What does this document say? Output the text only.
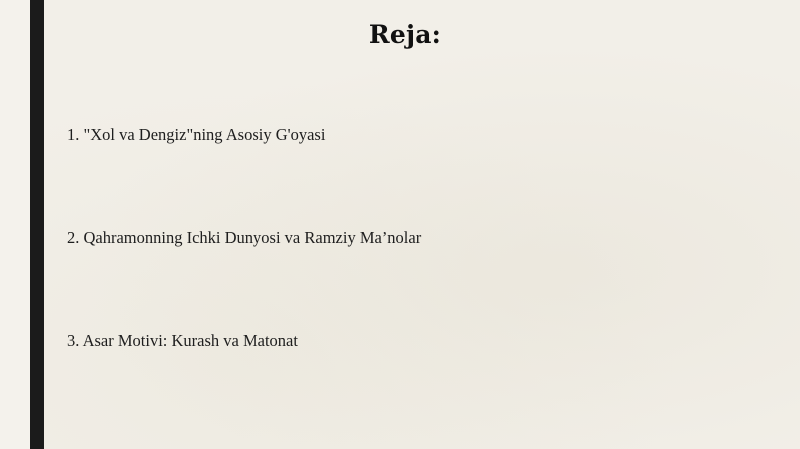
Reja:
1. "Xol va Dengiz"ning Asosiy G'oyasi
2. Qahramonning Ichki Dunyosi va Ramziy Ma’nolar
3. Asar Motivi: Kurash va Matonat
